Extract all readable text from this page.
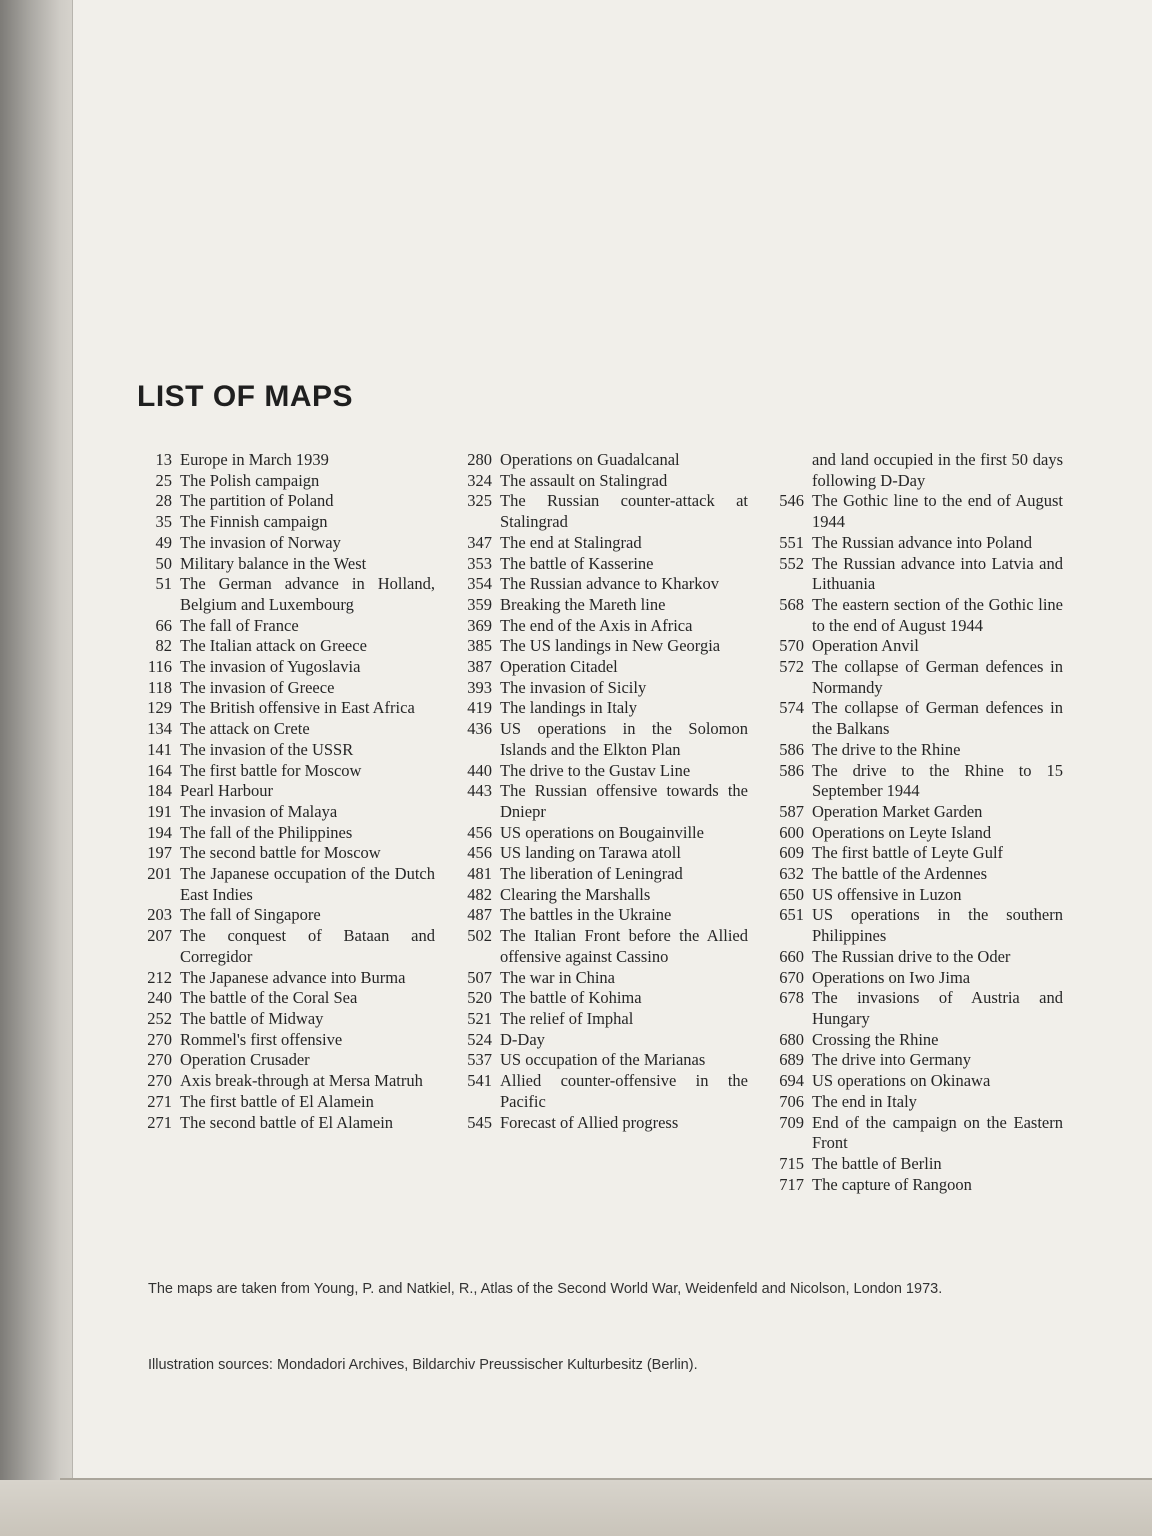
LIST OF MAPS
13 Europe in March 1939
25 The Polish campaign
28 The partition of Poland
35 The Finnish campaign
49 The invasion of Norway
50 Military balance in the West
51 The German advance in Holland, Belgium and Luxembourg
66 The fall of France
82 The Italian attack on Greece
116 The invasion of Yugoslavia
118 The invasion of Greece
129 The British offensive in East Africa
134 The attack on Crete
141 The invasion of the USSR
164 The first battle for Moscow
184 Pearl Harbour
191 The invasion of Malaya
194 The fall of the Philippines
197 The second battle for Moscow
201 The Japanese occupation of the Dutch East Indies
203 The fall of Singapore
207 The conquest of Bataan and Corregidor
212 The Japanese advance into Burma
240 The battle of the Coral Sea
252 The battle of Midway
270 Rommel's first offensive
270 Operation Crusader
270 Axis break-through at Mersa Matruh
271 The first battle of El Alamein
271 The second battle of El Alamein
280 Operations on Guadalcanal
324 The assault on Stalingrad
325 The Russian counter-attack at Stalingrad
347 The end at Stalingrad
353 The battle of Kasserine
354 The Russian advance to Kharkov
359 Breaking the Mareth line
369 The end of the Axis in Africa
385 The US landings in New Georgia
387 Operation Citadel
393 The invasion of Sicily
419 The landings in Italy
436 US operations in the Solomon Islands and the Elkton Plan
440 The drive to the Gustav Line
443 The Russian offensive towards the Dniepr
456 US operations on Bougainville
456 US landing on Tarawa atoll
481 The liberation of Leningrad
482 Clearing the Marshalls
487 The battles in the Ukraine
502 The Italian Front before the Allied offensive against Cassino
507 The war in China
520 The battle of Kohima
521 The relief of Imphal
524 D-Day
537 US occupation of the Marianas
541 Allied counter-offensive in the Pacific
545 Forecast of Allied progress
and land occupied in the first 50 days following D-Day
546 The Gothic line to the end of August 1944
551 The Russian advance into Poland
552 The Russian advance into Latvia and Lithuania
568 The eastern section of the Gothic line to the end of August 1944
570 Operation Anvil
572 The collapse of German defences in Normandy
574 The collapse of German defences in the Balkans
586 The drive to the Rhine
586 The drive to the Rhine to 15 September 1944
587 Operation Market Garden
600 Operations on Leyte Island
609 The first battle of Leyte Gulf
632 The battle of the Ardennes
650 US offensive in Luzon
651 US operations in the southern Philippines
660 The Russian drive to the Oder
670 Operations on Iwo Jima
678 The invasions of Austria and Hungary
680 Crossing the Rhine
689 The drive into Germany
694 US operations on Okinawa
706 The end in Italy
709 End of the campaign on the Eastern Front
715 The battle of Berlin
717 The capture of Rangoon

The maps are taken from Young, P. and Natkiel, R., Atlas of the Second World War, Weidenfeld and Nicolson, London 1973.

Illustration sources: Mondadori Archives, Bildarchiv Preussischer Kulturbesitz (Berlin).
